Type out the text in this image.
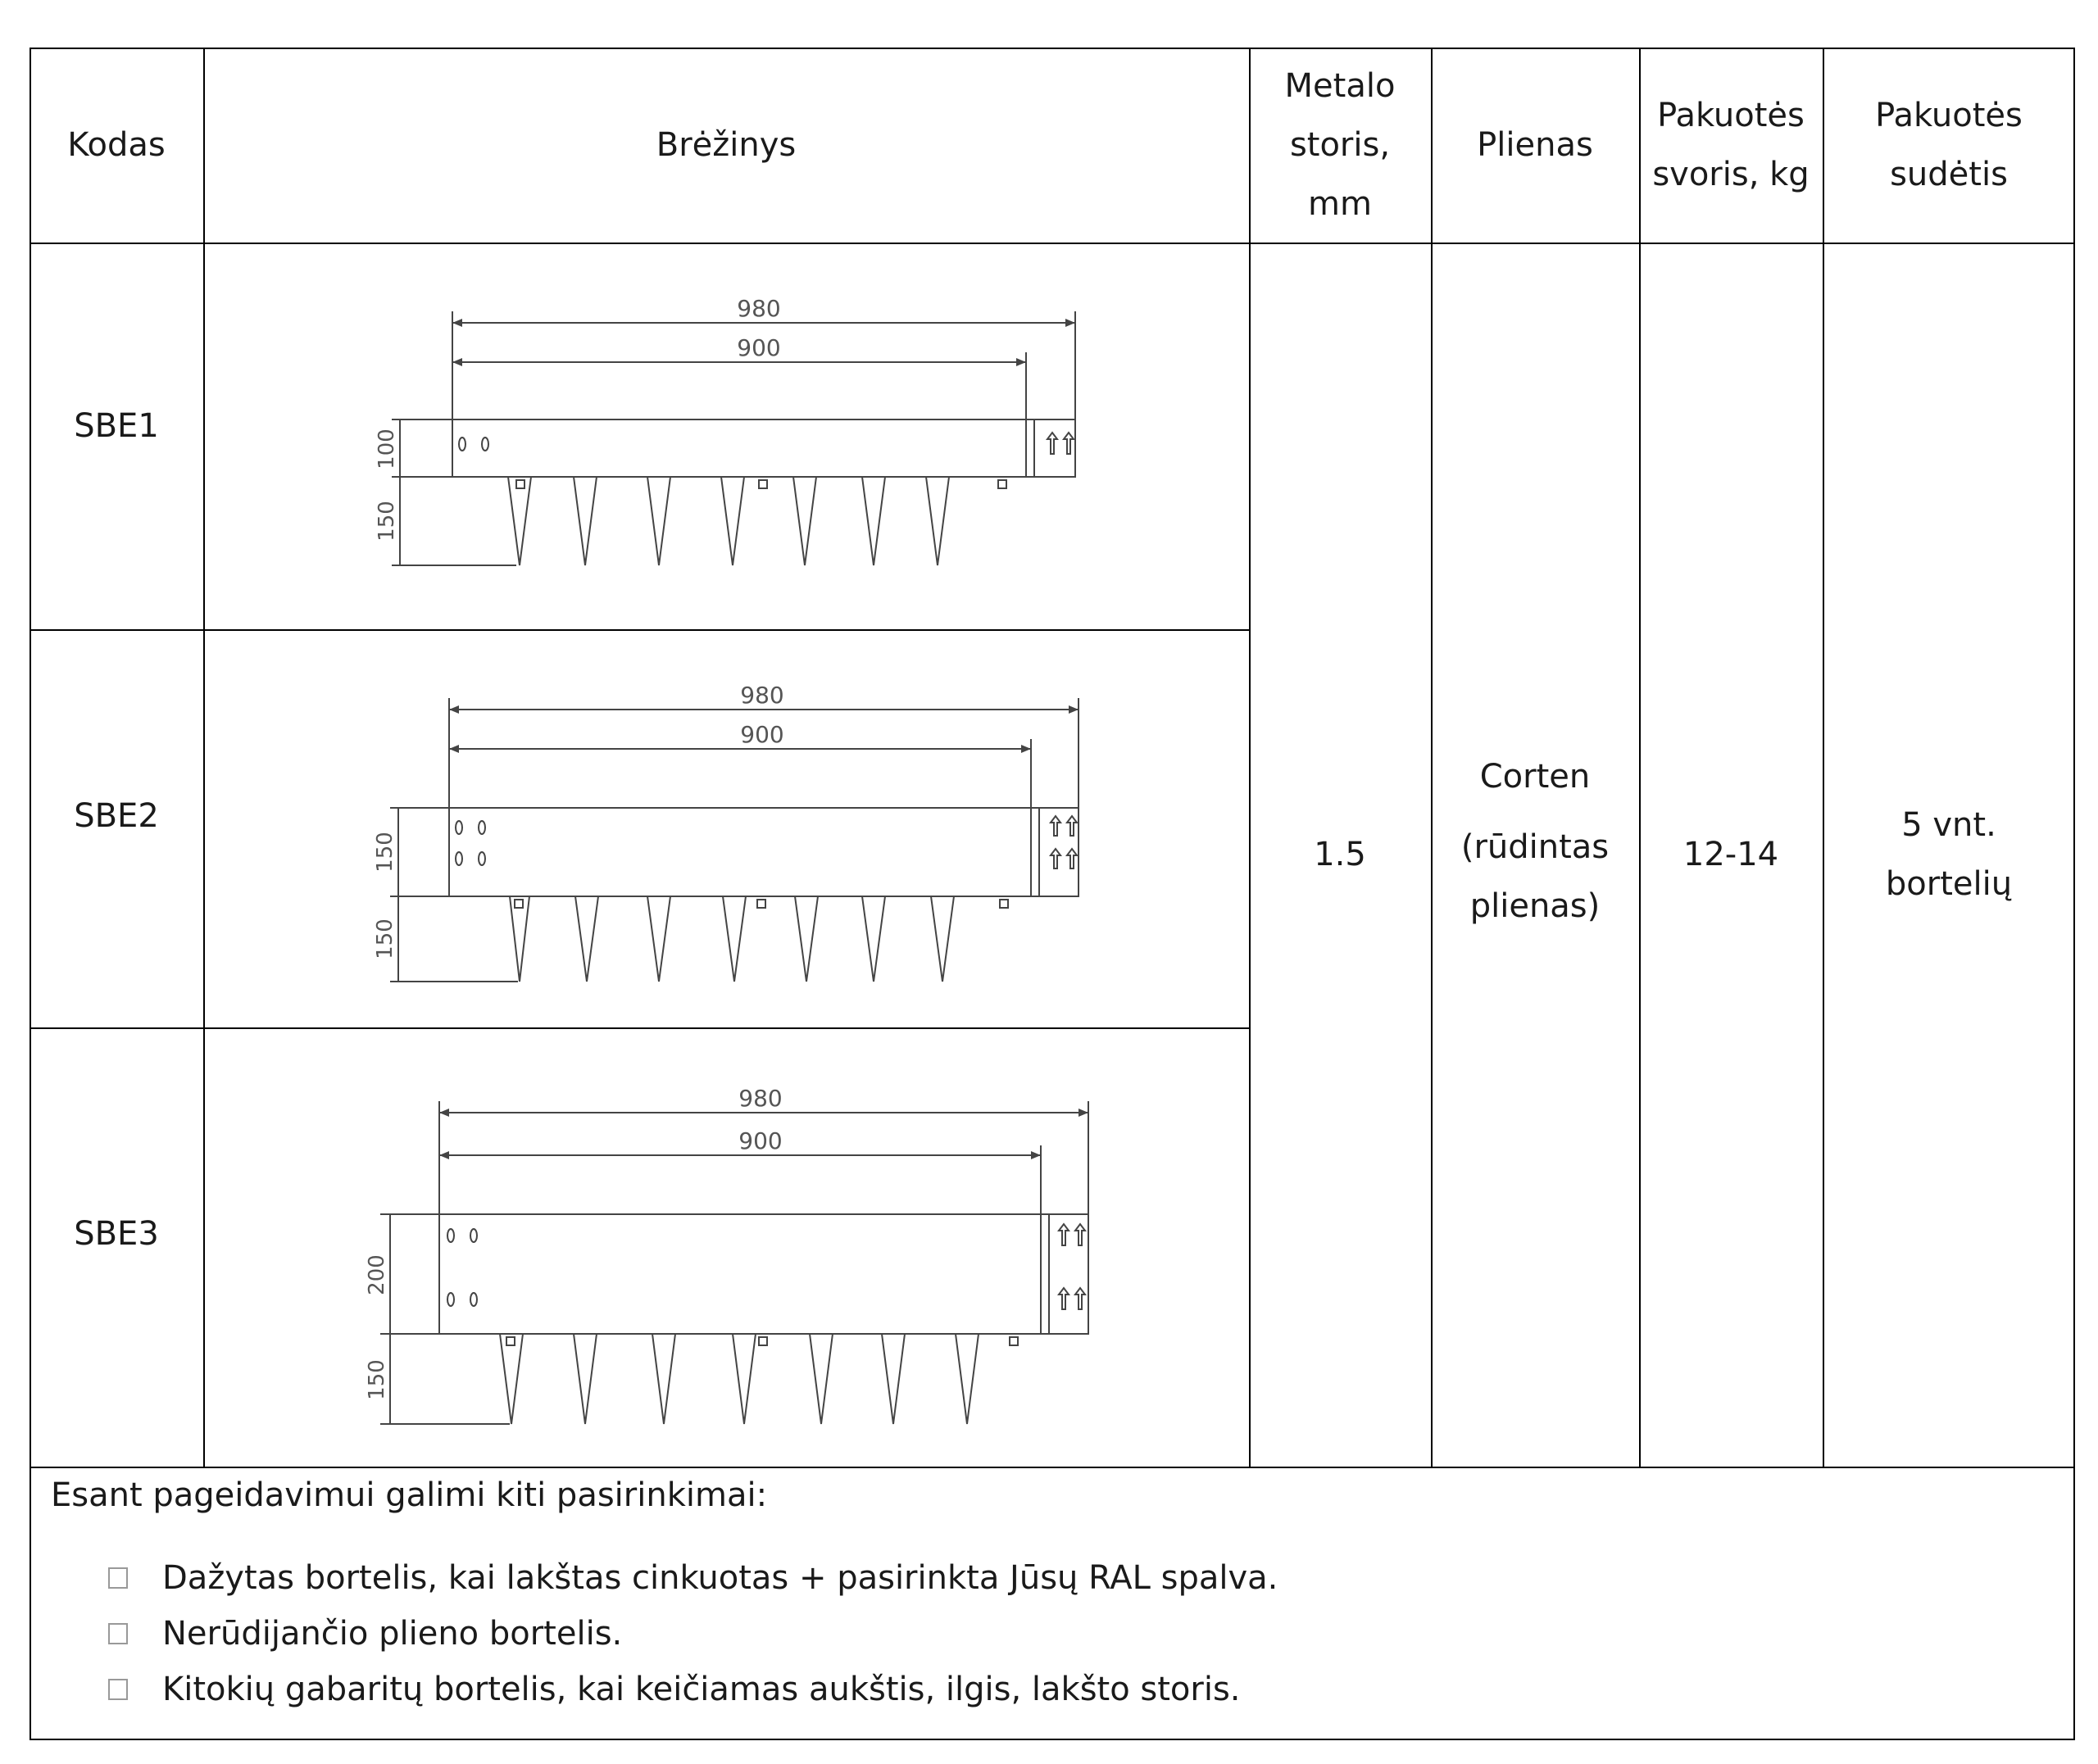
Kodas	Brėžinys
Metalo
storis,
mm
Plienas
Pakuotės
svoris, kg
Pakuotės
sudėtis
SBE1
SBE2
SBE3
1.5
Corten
(rūdintas
plienas)
12-14
5 vnt.
bortelių
980
900
100
150
980
900
150
150
980
900
200
150
Esant pageidavimui galimi kiti pasirinkimai:
Dažytas bortelis, kai lakštas cinkuotas + pasirinkta Jūsų RAL spalva.
Nerūdijančio plieno bortelis.
Kitokių gabaritų bortelis, kai keičiamas aukštis, ilgis, lakšto storis.
